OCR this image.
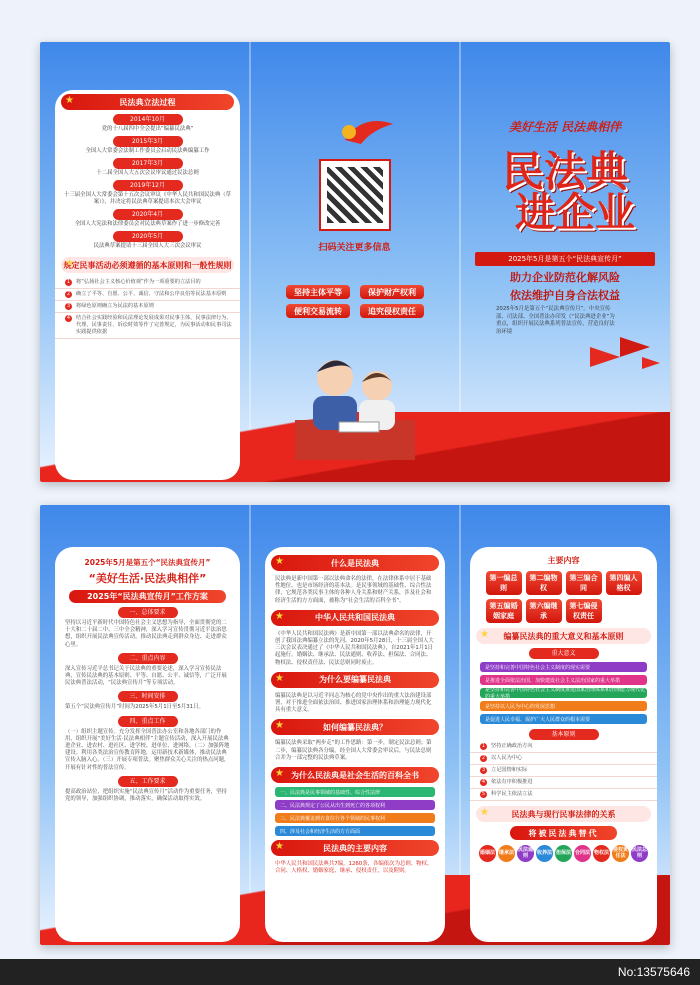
★ 民法典立法过程
2014年10月
党的十八届四中全会提出“编纂民法典”
2015年3月
全国人大常委会法制工作委员会启动民法典编纂工作
2017年3月
十二届全国人大五次会议审议通过民法总则
2019年12月
十三届全国人大常委会第十五次会议审议《中华人民共和国民法典（草案）》，并决定将民法典草案提请本次大会审议
2020年4月
全国人大宪法和法律委员会对民法典草案作了进一步修改完善
2020年5月
民法典草案提请十三届全国人大三次会议审议
★ 规定民事活动必须遵循的基本原则和一般性规则
1	将“弘扬社会主义核心价值观”作为一项重要的立法目的
2	确立了平等、自愿、公平、诚信、守法和公序良俗等民法基本原则
3	将绿色原则确立为民法的基本原则
4	结合社会实践经验和民法理论发展成果对民事主体、民事法律行为、代理、民事责任、诉讼时效等作了完善规定，为民事活动和民事司法实践提供依据
扫码关注更多信息
坚持主体平等	保护财产权利
便利交易流转	追究侵权责任
美好生活 民法典相伴
民法典
进企业
2025年5月是第五个“民法典宣传月”
助力企业防范化解风险
依法维护自身合法权益
2025年5月是第五个“民法典宣传月”。中央宣传部、司法部、全国普法办印发《“民法典进企业”为重点，组织开展民法典系列普法宣传，营造良好法治环境
2025年5月是第五个“民法典宣传月”
“美好生活·民法典相伴”
2025年“民法典宣传月”工作方案
一、总体要求
坚持以习近平新时代中国特色社会主义思想为指导，全面贯彻党的二十大和二十届二中、三中全会精神，深入学习宣传贯彻习近平法治思想，组织开展民法典宣传活动，推动民法典走到群众身边、走进群众心里。
二、重点内容
深入宣传习近平总书记关于民法典的重要论述，深入学习宣传民法典，宣传民法典的基本原则、平等、自愿、公平、诚信等，广泛开展民法典普法活动，“民法典宣传月”等专项活动。
三、时间安排
第五个“民法典宣传月”时间为2025年5月1日至5月31日。
四、重点工作
（一）组织主题宣传。充分发挥全国普法办公室和各地各部门的作用，组织开展“美好生活·民法典相伴”主题宣传活动，深入开展民法典进企业、进农村、进社区、进学校、进单位、进网络。（二）加强阵地建设。利用各类法治宣传教育阵地，运用新技术新媒体，推动民法典宣传入脑入心。（三）开展专项普法。聚焦群众关心关注的热点问题，开展有针对性的普法宣传。
五、工作要求
提高政治站位，把组织实施“民法典宣传月”活动作为重要任务，坚持党的领导，加强组织协调，推动落实，确保活动取得实效。
★ 什么是民法典
民法典是新中国第一部以法典命名的法律，在法律体系中居于基础性地位，也是市场经济的基本法。是民事领域的基础性、综合性法律，它规范各类民事主体的各种人身关系和财产关系，涉及社会和经济生活的方方面面，被称为“社会生活的百科全书”。
★ 中华人民共和国民法典
《中华人民共和国民法典》是新中国第一部以法典命名的法律，开创了我国法典编纂立法的先河。2020年5月28日，十三届全国人大三次会议表决通过了《中华人民共和国民法典》，自2021年1月1日起施行。婚姻法、继承法、民法通则、收养法、担保法、合同法、物权法、侵权责任法、民法总则同时废止。
★ 为什么要编纂民法典
编纂民法典是以习近平同志为核心的党中央作出的重大法治建设部署，对于推进全面依法治国、推进国家治理体系和治理能力现代化具有重大意义。
★ 如何编纂民法典？
编纂民法典采取“两步走”的工作思路：第一步，制定民法总则；第二步，编纂民法典各分编，经全国人大常委会审议后，与民法总则合并为一部完整的民法典草案。
★ 为什么民法典是社会生活的百科全书
一、民法典是民事领域的基础性、综合性法律
二、民法典规定了公民从出生到死亡的各项权利
三、民法典覆盖到衣食住行各个领域的民事权利
四、涉及社会和经济生活的方方面面
★ 民法典的主要内容
中华人民共和国民法典共7编，1260条，各编依次为总则、物权、合同、人格权、婚姻家庭、继承、侵权责任，以及附则。
主要内容
第一编总则
第二编物权
第三编合同
第四编人格权
第五编婚姻家庭
第六编继承
第七编侵权责任
★ 编纂民法典的重大意义和基本原则
重大意义
是坚持和完善中国特色社会主义制度的现实需要
是推进全面依法治国、加快建设社会主义法治国家的重大举措
是坚持和完善中国特色社会主义制度推进国家治理体系和治理能力现代化的重大举措
是坚持以人民为中心的发展思想
是促进人民幸福、保护广大人民群众的根本需要
基本原则
1	坚持正确政治方向
2	以人民为中心
3	立足国情和实际
4	依法有序积极推进
5	科学民主依法立法
★ 民法典与现行民事法律的关系
将被民法典替代
婚姻法 继承法 民法通则	收养法 担保法 合同法 物权法 侵权责任法
民法总则
No:13575646
